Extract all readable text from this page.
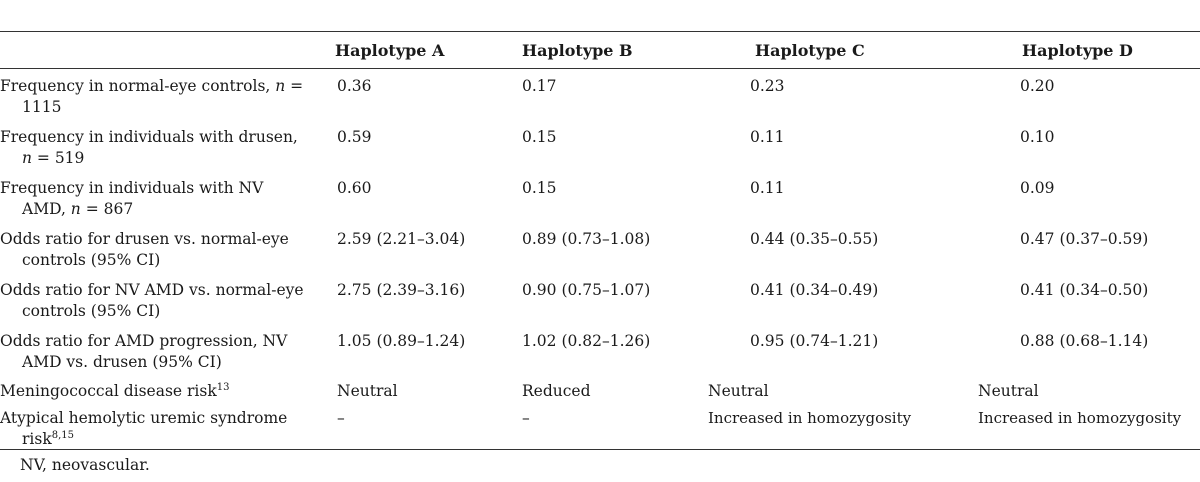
	Haplotype A	Haplotype B	Haplotype C	Haplotype D
Frequency in normal-eye controls, n = 1115	0.36	0.17	0.23	0.20
Frequency in individuals with drusen, n = 519	0.59	0.15	0.11	0.10
Frequency in individuals with NV AMD, n = 867	0.60	0.15	0.11	0.09
Odds ratio for drusen vs. normal-eye controls (95% CI)	2.59 (2.21–3.04)	0.89 (0.73–1.08)	0.44 (0.35–0.55)	0.47 (0.37–0.59)
Odds ratio for NV AMD vs. normal-eye controls (95% CI)	2.75 (2.39–3.16)	0.90 (0.75–1.07)	0.41 (0.34–0.49)	0.41 (0.34–0.50)
Odds ratio for AMD progression, NV AMD vs. drusen (95% CI)	1.05 (0.89–1.24)	1.02 (0.82–1.26)	0.95 (0.74–1.21)	0.88 (0.68–1.14)
Meningococcal disease risk$^{13}$	Neutral	Reduced	Neutral	Neutral
Atypical hemolytic uremic syndrome risk$^{8,15}$	–	–	Increased in homozygosity	Increased in homozygosity
NV, neovascular.
